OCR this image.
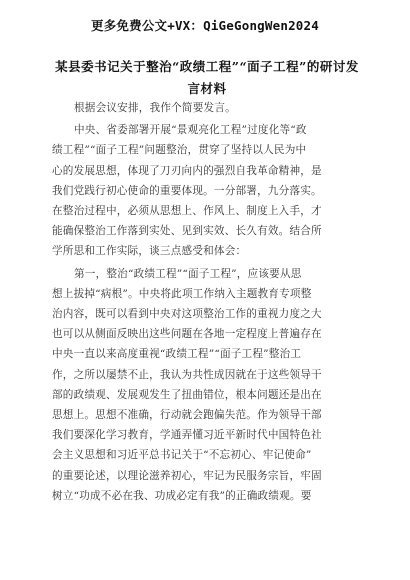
更多免费公文+VX：QiGeGongWen2024
某县委书记关于整治“政绩工程”“面子工程”的研讨发
言材料
根据会议安排，我作个简要发言。
中央、省委部署开展“景观亮化工程”过度化等“政
绩工程”“面子工程”问题整治，贯穿了坚持以人民为中
心的发展思想，体现了刀刃向内的强烈自我革命精神，是
我们党践行初心使命的重要体现。一分部署，九分落实。
在整治过程中，必须从思想上、作风上、制度上入手，才
能确保整治工作落到实处、见到实效、长久有效。结合所
学所思和工作实际，谈三点感受和体会：
第一，整治“政绩工程”“面子工程”，应该要从思
想上拔掉“病根”。中央将此项工作纳入主题教育专项整
治内容，既可以看到中央对这项整治工作的重视力度之大
也可以从侧面反映出这些问题在各地一定程度上普遍存在
中央一直以来高度重视“政绩工程”“面子工程”整治工
作，之所以屡禁不止，我认为共性成因就在于这些领导干
部的政绩观、发展观发生了扭曲错位，根本问题还是出在
思想上。思想不准确，行动就会跑偏失范。作为领导干部
我们要深化学习教育，学通弄懂习近平新时代中国特色社
会主义思想和习近平总书记关于“不忘初心、牢记使命”
的重要论述，以理论滋养初心，牢记为民服务宗旨，牢固
树立“功成不必在我、功成必定有我”的正确政绩观。要
